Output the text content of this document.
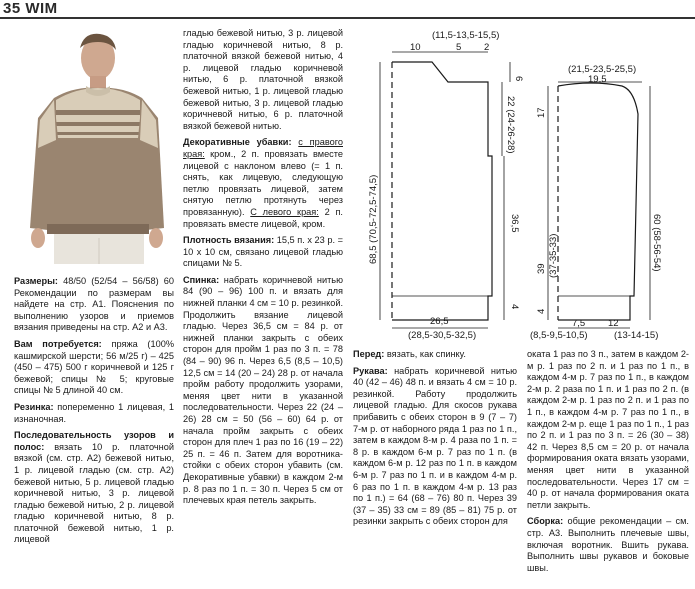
35 WIM

Размеры: 48/50 (52/54 – 56/58) 60 Рекомендации по размерам вы найдете на стр. А1. Пояснения по выполнению узоров и приемов вязания приведены на стр. А2 и А3.

Вам потребуется: пряжа (100% кашмирской шерсти; 56 м/25 г) – 425 (450 – 475) 500 г коричневой и 125 г бежевой; спицы № 5; круговые спицы № 5 длиной 40 см.

Резинка: попеременно 1 лицевая, 1 изнаночная.

Последовательность узоров и полос: вязать 10 р. платочной вязкой (см. стр. А2) бежевой нитью, 1 р. лицевой гладью (см. стр. А2) бежевой нитью, 5 р. лицевой гладью коричневой нитью, 3 р. лицевой гладью бежевой нитью, 2 р. лицевой гладью коричневой нитью, 8 р. платочной бежевой нитью, 1 р. лицевой

гладью бежевой нитью, 3 р. лицевой гладью коричневой нитью, 8 р. платочной вязкой бежевой нитью, 4 р. лицевой гладью коричневой нитью, 6 р. платочной вязкой бежевой нитью, 1 р. лицевой гладью бежевой нитью, 3 р. лицевой гладью коричневой нитью, 6 р. платочной вязкой бежевой нитью.

Декоративные убавки: с правого края: кром., 2 п. провязать вместе лицевой с наклоном влево (= 1 п. снять, как лицевую, следующую петлю провязать лицевой, затем снятую петлю протянуть через провязанную). С левого края: 2 п. провязать вместе лицевой, кром.

Плотность вязания: 15,5 п. x 23 р. = 10 x 10 см, связано лицевой гладью спицами № 5.

Спинка: набрать коричневой нитью 84 (90 – 96) 100 п. и вязать для нижней планки 4 см = 10 р. резинкой. Продолжить вязание лицевой гладью. Через 36,5 см = 84 р. от нижней планки закрыть с обеих сторон для пройм 1 раз по 3 п. = 78 (84 – 90) 96 п. Через 6,5 (8,5 – 10,5) 12,5 см = 14 (20 – 24) 28 р. от начала пройм работу продолжить узорами, меняя цвет нити в указанной последовательности. Через 22 (24 – 26) 28 см = 50 (56 – 60) 64 р. от начала пройм закрыть с обеих сторон для плеч 1 раз по 16 (19 – 22) 25 п. = 46 п. Затем для воротника-стойки с обеих сторон убавить (см. Декоративные убавки) в каждом 2-м р. 8 раз по 1 п. = 30 п. Через 5 см от плечевых края петель закрыть.

(11,5-13,5-15,5)
10	5 2
6
22 (24-26-28)
68,5 (70,5-72,5-74,5)	36,5
4
26,5
(28,5-30,5-32,5)
(21,5-23,5-25,5)
19,5
17
39 (37-35-33)	60 (58-56-54)
4
7,5 12
(8,5-9,5-10,5)	(13-14-15)

Перед: вязать, как спинку.

Рукава: набрать коричневой нитью 40 (42 – 46) 48 п. и вязать 4 см = 10 р. резинкой. Работу продолжить лицевой гладью. Для скосов рукава прибавить с обеих сторон в 9 (7 – 7) 7-м р. от наборного ряда 1 раз по 1 п., затем в каждом 8-м р. 4 раза по 1 п. = 8 р. в каждом 6-м р. 7 раз по 1 п. (в каждом 6-м р. 12 раз по 1 п. в каждом 6-м р. 7 раз по 1 п. и в каждом 4-м р. 6 раз по 1 п. в каждом 4-м р. 13 раз по 1 п.) = 64 (68 – 76) 80 п. Через 39 (37 – 35) 33 см = 89 (85 – 81) 75 р. от резинки закрыть с обеих сторон для

оката 1 раз по 3 п., затем в каждом 2-м р. 1 раз по 2 п. и 1 раз по 1 п., в каждом 4-м р. 7 раз по 1 п., в каждом 2-м р. 2 раза по 1 п. и 1 раз по 2 п. (в каждом 2-м р. 1 раз по 2 п. и 1 раз по 1 п., в каждом 4-м р. 7 раз по 1 п., в каждом 2-м р. еще 1 раз по 1 п., 1 раз по 2 п. и 1 раз по 3 п. = 26 (30 – 38) 42 п. Через 8,5 см = 20 р. от начала формирования оката вязать узорами, меняя цвет нити в указанной последовательности. Через 17 см = 40 р. от начала формирования оката петли закрыть.

Сборка: общие рекомендации – см. стр. А3. Выполнить плечевые швы, включая воротник. Вшить рукава. Выполнить швы рукавов и боковые швы.
